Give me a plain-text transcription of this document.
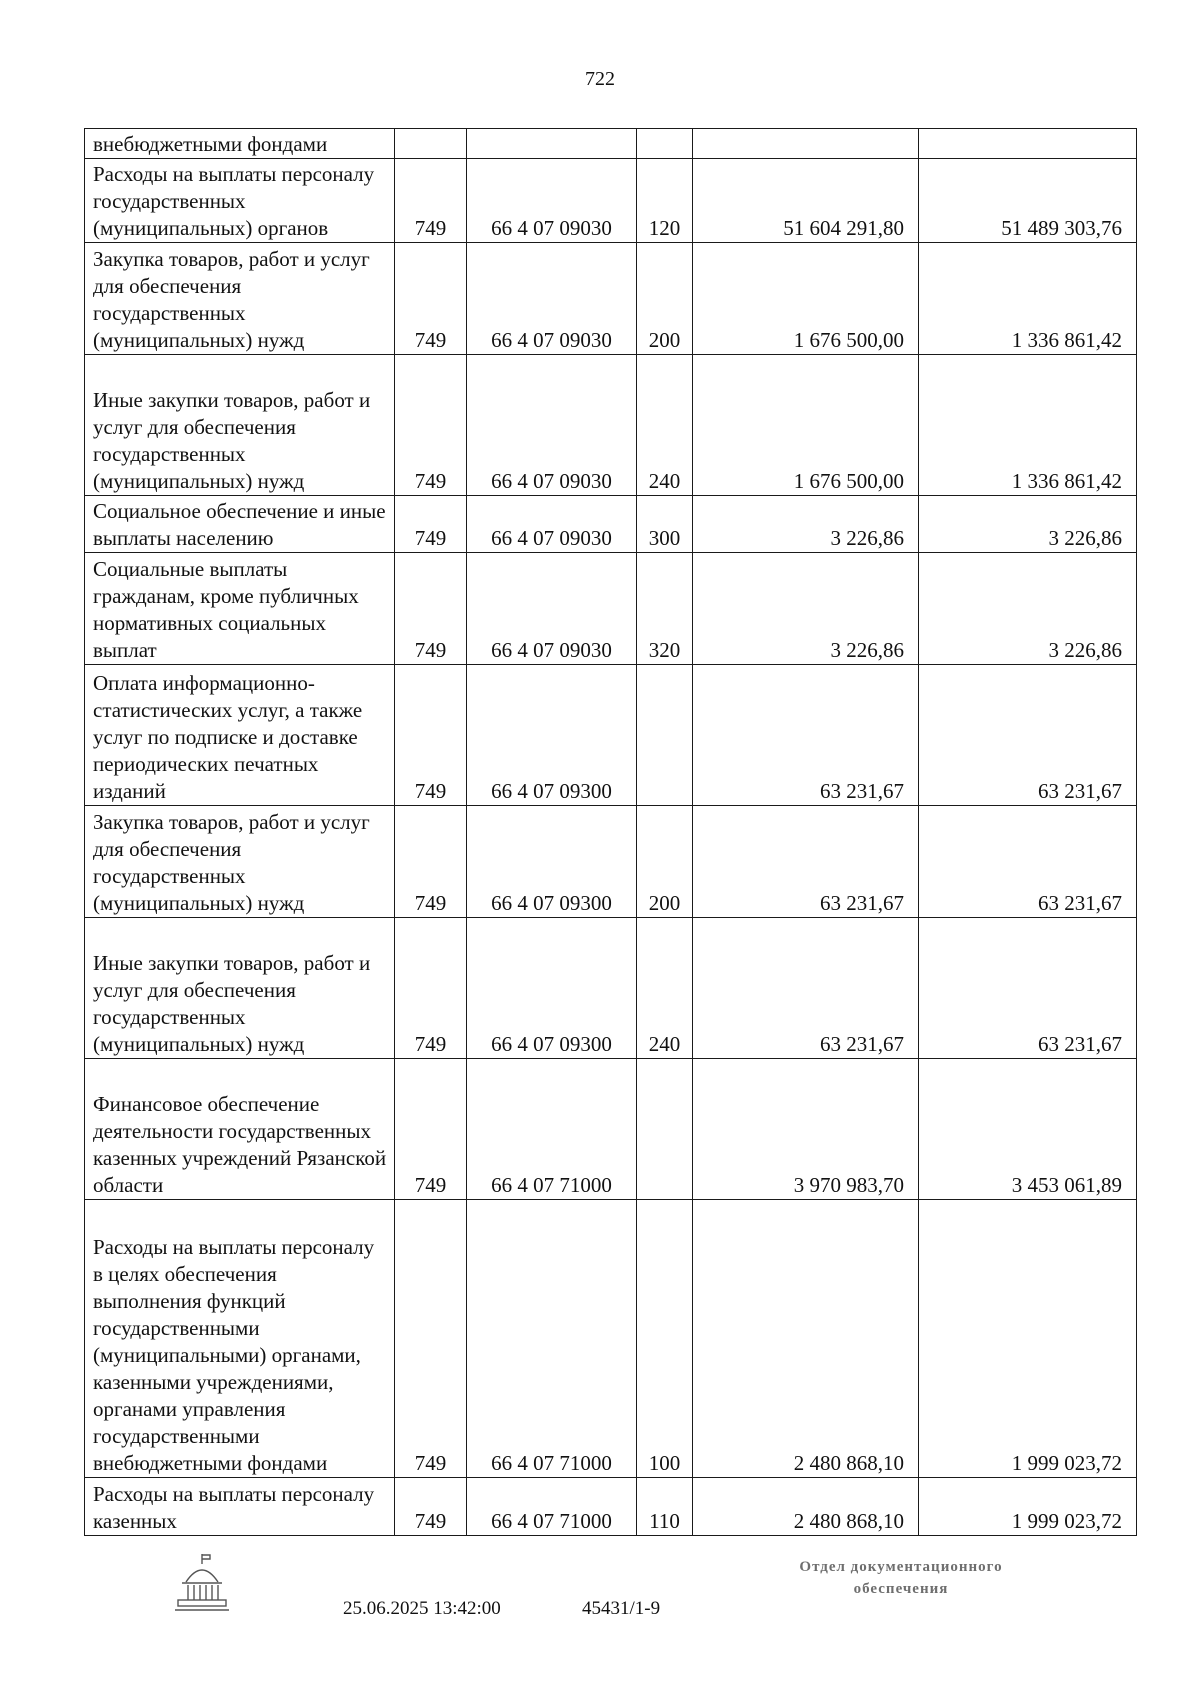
722
внебюджетными фондами					
Расходы на выплаты персоналу государственных (муниципальных) органов	749	66 4 07 09030	120	51 604 291,80	51 489 303,76
Закупка товаров, работ и услуг для обеспечения государственных (муниципальных) нужд	749	66 4 07 09030	200	1 676 500,00	1 336 861,42
Иные закупки товаров, работ и услуг для обеспечения государственных (муниципальных) нужд	749	66 4 07 09030	240	1 676 500,00	1 336 861,42
Социальное обеспечение и иные выплаты населению	749	66 4 07 09030	300	3 226,86	3 226,86
Социальные выплаты гражданам, кроме публичных нормативных социальных выплат	749	66 4 07 09030	320	3 226,86	3 226,86
Оплата информационно-статистических услуг, а также услуг по подписке и доставке периодических печатных изданий	749	66 4 07 09300		63 231,67	63 231,67
Закупка товаров, работ и услуг для обеспечения государственных (муниципальных) нужд	749	66 4 07 09300	200	63 231,67	63 231,67
Иные закупки товаров, работ и услуг для обеспечения государственных (муниципальных) нужд	749	66 4 07 09300	240	63 231,67	63 231,67
Финансовое обеспечение деятельности государственных казенных учреждений Рязанской области	749	66 4 07 71000		3 970 983,70	3 453 061,89
Расходы на выплаты персоналу в целях обеспечения выполнения функций государственными (муниципальными) органами, казенными учреждениями, органами управления государственными внебюджетными фондами	749	66 4 07 71000	100	2 480 868,10	1 999 023,72
Расходы на выплаты персоналу казенных	749	66 4 07 71000	110	2 480 868,10	1 999 023,72
25.06.2025 13:42:00	45431/1-9
Отдел документационного
обеспечения
